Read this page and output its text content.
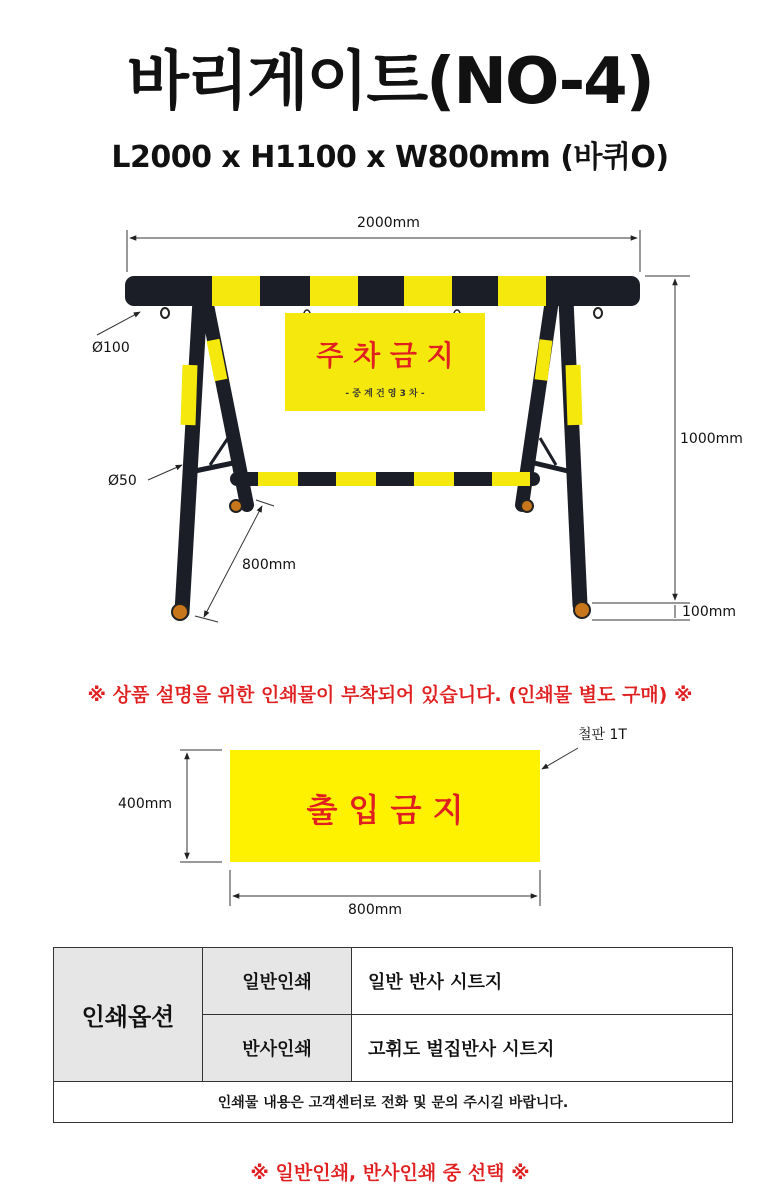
바리게이트(NO-4)
L2000 x H1100 x W800mm (바퀴O)
2000mm
Ø100
Ø50
800mm
1000mm
100mm
주 차 금 지
- 중 계 건 영 3 차 -
※ 상품 설명을 위한 인쇄물이 부착되어 있습니다. (인쇄물 별도 구매) ※
철판 1T
400mm
800mm
출 입 금 지
인쇄옵션	일반인쇄	일반 반사 시트지
	반사인쇄	고휘도 벌집반사 시트지
인쇄물 내용은 고객센터로 전화 및 문의 주시길 바랍니다.		
※ 일반인쇄, 반사인쇄 중 선택 ※
